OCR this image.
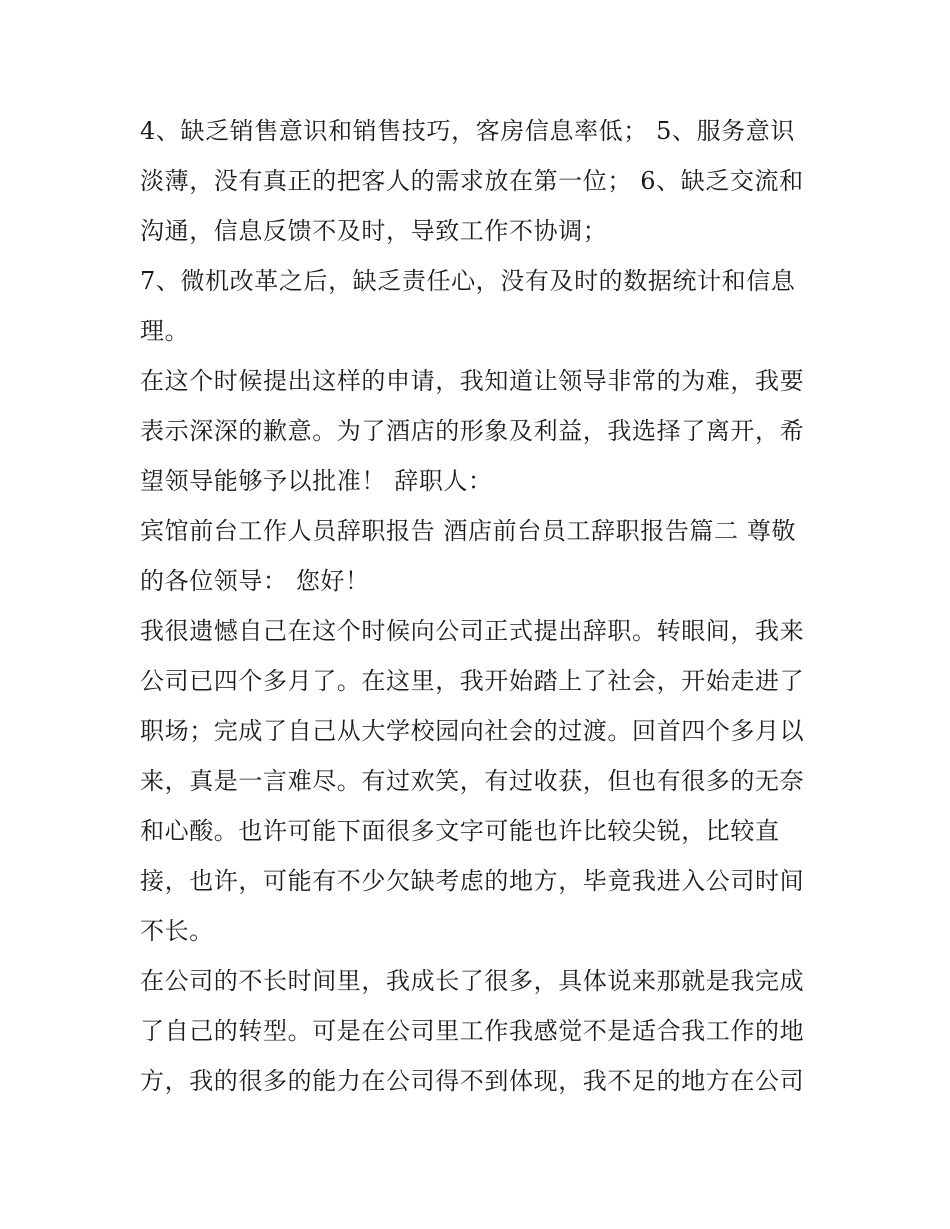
4、缺乏销售意识和销售技巧，客房信息率低； 5、服务意识
淡薄，没有真正的把客人的需求放在第一位； 6、缺乏交流和
沟通，信息反馈不及时，导致工作不协调；

7、微机改革之后，缺乏责任心，没有及时的数据统计和信息
理。

在这个时候提出这样的申请，我知道让领导非常的为难，我要
表示深深的歉意。为了酒店的形象及利益，我选择了离开，希
望领导能够予以批准！ 辞职人：

宾馆前台工作人员辞职报告 酒店前台员工辞职报告篇二 尊敬
的各位领导： 您好！

我很遗憾自己在这个时候向公司正式提出辞职。转眼间，我来
公司已四个多月了。在这里，我开始踏上了社会，开始走进了
职场；完成了自己从大学校园向社会的过渡。回首四个多月以
来，真是一言难尽。有过欢笑，有过收获，但也有很多的无奈
和心酸。也许可能下面很多文字可能也许比较尖锐，比较直
接，也许，可能有不少欠缺考虑的地方，毕竟我进入公司时间
不长。

在公司的不长时间里，我成长了很多，具体说来那就是我完成
了自己的转型。可是在公司里工作我感觉不是适合我工作的地
方，我的很多的能力在公司得不到体现，我不足的地方在公司
